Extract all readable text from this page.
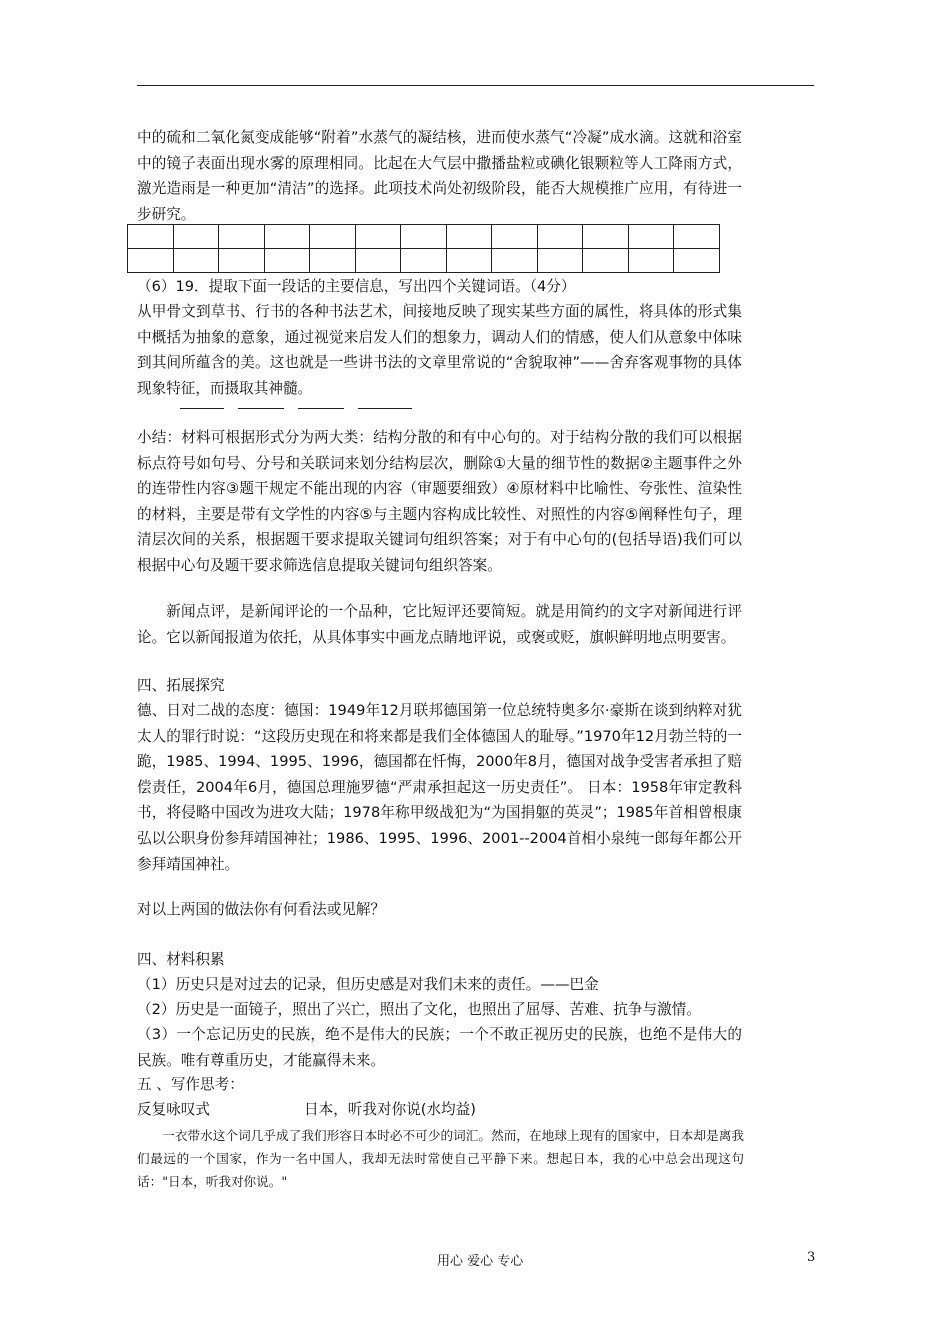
中的硫和二氧化氮变成能够“附着”水蒸气的凝结核，进而使水蒸气“冷凝”成水滴。这就和浴室中的镜子表面出现水雾的原理相同。比起在大气层中撒播盐粒或碘化银颗粒等人工降雨方式，激光造雨是一种更加“清洁”的选择。此项技术尚处初级阶段，能否大规模推广应用，有待进一步研究。

（6）19．提取下面一段话的主要信息，写出四个关键词语。（4分）

从甲骨文到草书、行书的各种书法艺术，间接地反映了现实某些方面的属性，将具体的形式集中概括为抽象的意象，通过视觉来启发人们的想象力，调动人们的情感，使人们从意象中体味到其间所蕴含的美。这也就是一些讲书法的文章里常说的“舍貌取神”——舍弃客观事物的具体现象特征，而摄取其神髓。

小结：材料可根据形式分为两大类：结构分散的和有中心句的。对于结构分散的我们可以根据标点符号如句号、分号和关联词来划分结构层次，删除①大量的细节性的数据②主题事件之外的连带性内容③题干规定不能出现的内容（审题要细致）④原材料中比喻性、夸张性、渲染性的材料，主要是带有文学性的内容⑤与主题内容构成比较性、对照性的内容⑤阐释性句子，理清层次间的关系，根据题干要求提取关键词句组织答案；对于有中心句的(包括导语)我们可以根据中心句及题干要求筛选信息提取关键词句组织答案。

新闻点评，是新闻评论的一个品种，它比短评还要简短。就是用简约的文字对新闻进行评论。它以新闻报道为依托，从具体事实中画龙点睛地评说，或褒或贬，旗帜鲜明地点明要害。

四、拓展探究

德、日对二战的态度：德国：1949年12月联邦德国第一位总统特奥多尔·豪斯在谈到纳粹对犹太人的罪行时说：“这段历史现在和将来都是我们全体德国人的耻辱。”1970年12月勃兰特的一跪，1985、1994、1995、1996，德国都在忏悔，2000年8月，德国对战争受害者承担了赔偿责任，2004年6月，德国总理施罗德“严肃承担起这一历史责任”。 日本：1958年审定教科书，将侵略中国改为进攻大陆；1978年称甲级战犯为“为国捐躯的英灵”；1985年首相曾根康弘以公职身份参拜靖国神社；1986、1995、1996、2001--2004首相小泉纯一郎每年都公开参拜靖国神社。

对以上两国的做法你有何看法或见解？
四、材料积累
（1）历史只是对过去的记录，但历史感是对我们未来的责任。——巴金

（2）历史是一面镜子，照出了兴亡，照出了文化，也照出了屈辱、苦难、抗争与激情。

（3）一个忘记历史的民族，绝不是伟大的民族；一个不敢正视历史的民族，也绝不是伟大的民族。唯有尊重历史，才能赢得未来。

五 、写作思考：
反复咏叹式	日本，听我对你说(水均益)

一衣带水这个词几乎成了我们形容日本时必不可少的词汇。然而，在地球上现有的国家中，日本却是离我们最远的一个国家，作为一名中国人，我却无法时常使自己平静下来。想起日本，我的心中总会出现这句话："日本，听我对你说。"

用心 爱心 专心	3
